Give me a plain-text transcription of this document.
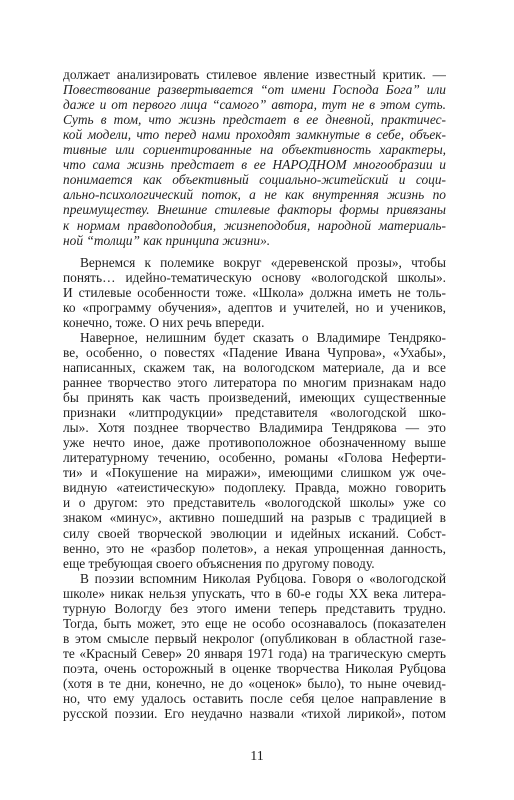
должает анализировать стилевое явление известный критик. —
Повествование развертывается “от имени Господа Бога” или
даже и от первого лица “самого” автора, тут не в этом суть.
Суть в том, что жизнь предстает в ее дневной, практичес-
кой модели, что перед нами проходят замкнутые в себе, объек-
тивные или сориентированные на объективность характеры,
что сама жизнь предстает в ее НАРОДНОМ многообразии и
понимается как объективный социально-житейский и соци-
ально-психологический поток, а не как внутренняя жизнь по
преимуществу. Внешние стилевые факторы формы привязаны
к нормам правдоподобия, жизнеподобия, народной материаль-
ной “толщи” как принципа жизни».
Вернемся к полемике вокруг «деревенской прозы», чтобы
понять… идейно-тематическую основу «вологодской школы».
И стилевые особенности тоже. «Школа» должна иметь не толь-
ко «программу обучения», адептов и учителей, но и учеников,
конечно, тоже. О них речь впереди.
Наверное, нелишним будет сказать о Владимире Тендряко-
ве, особенно, о повестях «Падение Ивана Чупрова», «Ухабы»,
написанных, скажем так, на вологодском материале, да и все
раннее творчество этого литератора по многим признакам надо
бы принять как часть произведений, имеющих существенные
признаки «литпродукции» представителя «вологодской шко-
лы». Хотя позднее творчество Владимира Тендрякова — это
уже нечто иное, даже противоположное обозначенному выше
литературному течению, особенно, романы «Голова Неферти-
ти» и «Покушение на миражи», имеющими слишком уж оче-
видную «атеистическую» подоплеку. Правда, можно говорить
и о другом: это представитель «вологодской школы» уже со
знаком «минус», активно пошедший на разрыв с традицией в
силу своей творческой эволюции и идейных исканий. Собст-
венно, это не «разбор полетов», а некая упрощенная данность,
еще требующая своего объяснения по другому поводу.
В поэзии вспомним Николая Рубцова. Говоря о «вологодской
школе» никак нельзя упускать, что в 60-е годы XX века литера-
турную Вологду без этого имени теперь представить трудно.
Тогда, быть может, это еще не особо осознавалось (показателен
в этом смысле первый некролог (опубликован в областной газе-
те «Красный Север» 20 января 1971 года) на трагическую смерть
поэта, очень осторожный в оценке творчества Николая Рубцова
(хотя в те дни, конечно, не до «оценок» было), то ныне очевид-
но, что ему удалось оставить после себя целое направление в
русской поэзии. Его неудачно назвали «тихой лирикой», потом
11
